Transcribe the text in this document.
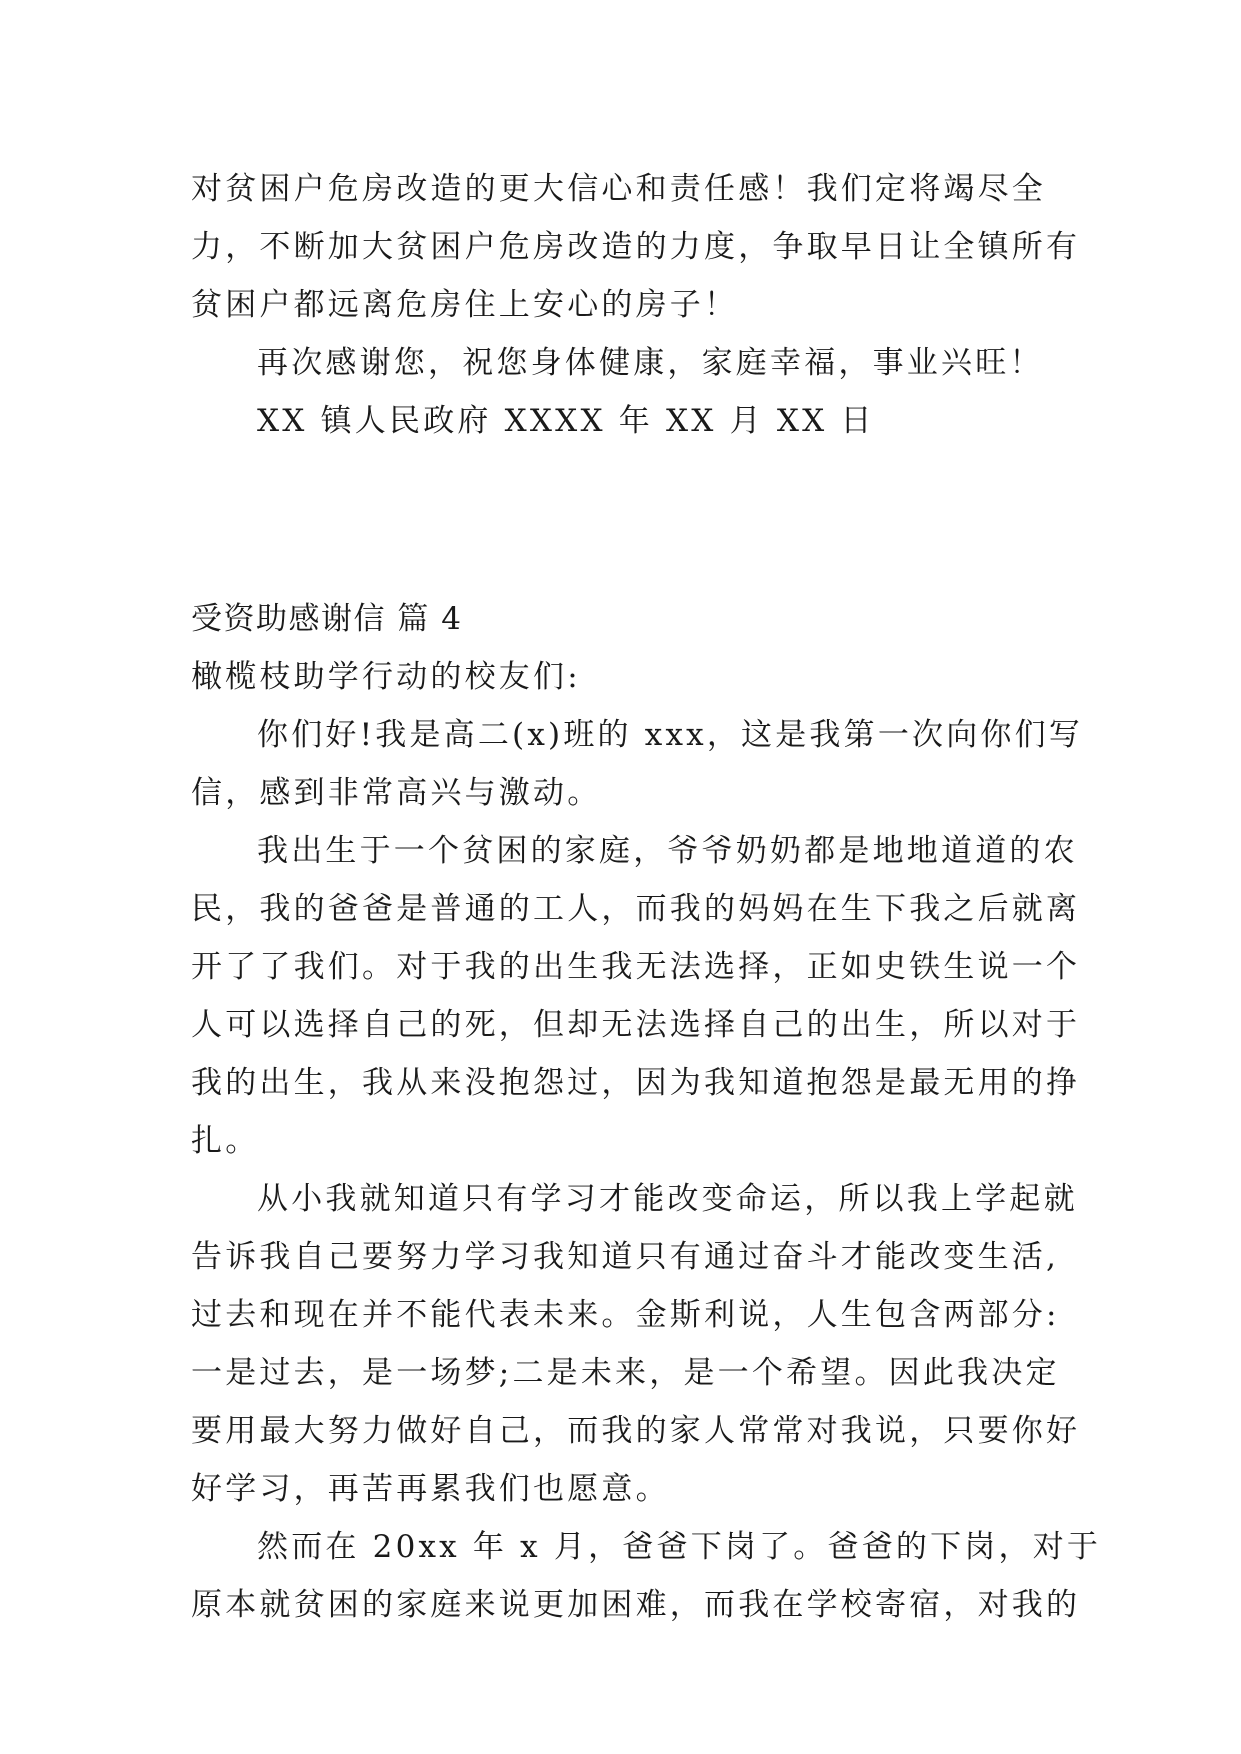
对贫困户危房改造的更大信心和责任感！我们定将竭尽全
力，不断加大贫困户危房改造的力度，争取早日让全镇所有
贫困户都远离危房住上安心的房子！
再次感谢您，祝您身体健康，家庭幸福，事业兴旺！
XX 镇人民政府 XXXX 年 XX 月 XX 日
受资助感谢信 篇 4
橄榄枝助学行动的校友们:
你们好!我是高二(x)班的 xxx，这是我第一次向你们写
信，感到非常高兴与激动。
我出生于一个贫困的家庭，爷爷奶奶都是地地道道的农
民，我的爸爸是普通的工人，而我的妈妈在生下我之后就离
开了了我们。对于我的出生我无法选择，正如史铁生说一个
人可以选择自己的死，但却无法选择自己的出生，所以对于
我的出生，我从来没抱怨过，因为我知道抱怨是最无用的挣
扎。
从小我就知道只有学习才能改变命运，所以我上学起就
告诉我自己要努力学习我知道只有通过奋斗才能改变生活,
过去和现在并不能代表未来。金斯利说，人生包含两部分:
一是过去，是一场梦;二是未来，是一个希望。因此我决定
要用最大努力做好自己，而我的家人常常对我说，只要你好
好学习，再苦再累我们也愿意。
然而在 20xx 年 x 月，爸爸下岗了。爸爸的下岗，对于
原本就贫困的家庭来说更加困难，而我在学校寄宿，对我的
